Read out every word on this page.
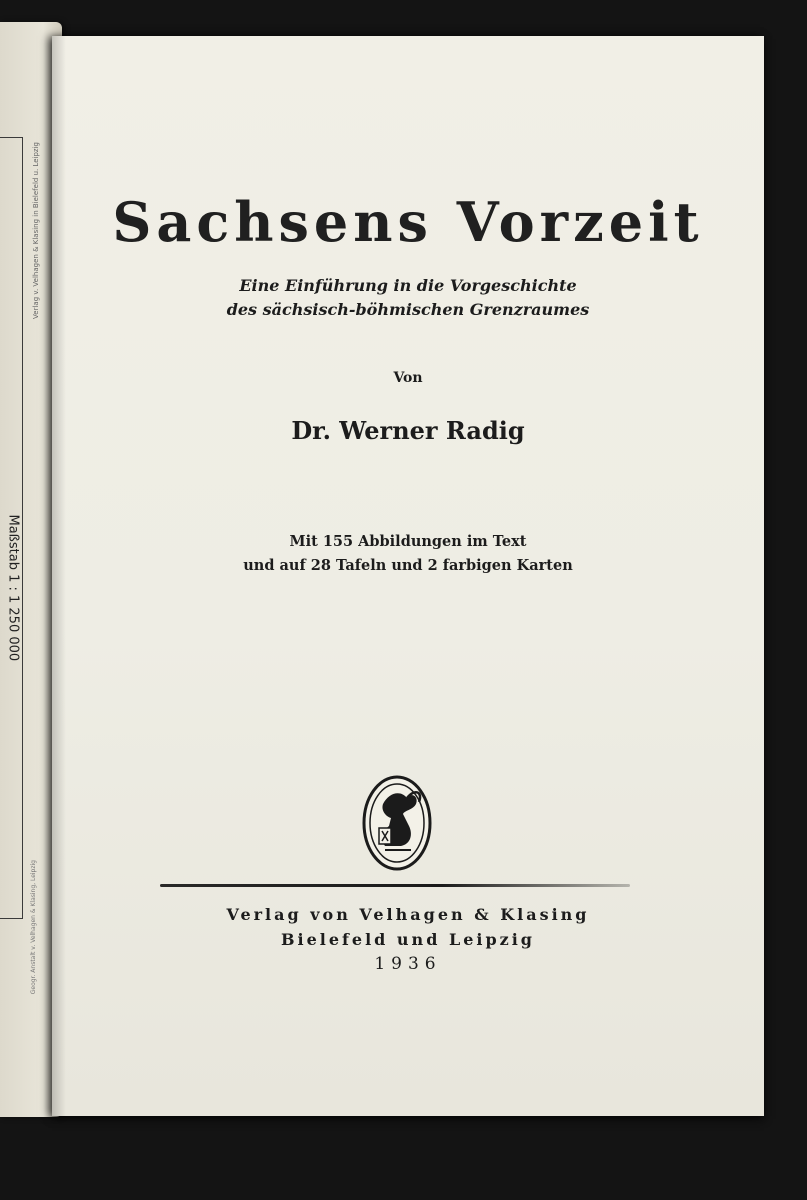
Maßstab 1 : 1 250 000
Verlag v. Velhagen & Klasing in Bielefeld u. Leipzig
Geogr. Anstalt v. Velhagen & Klasing, Leipzig
Sachsens Vorzeit
Eine Einführung in die Vorgeschichte
des sächsisch-böhmischen Grenzraumes
Von
Dr. Werner Radig
Mit 155 Abbildungen im Text
und auf 28 Tafeln und 2 farbigen Karten
Verlag von Velhagen & Klasing
Bielefeld und Leipzig
1936
